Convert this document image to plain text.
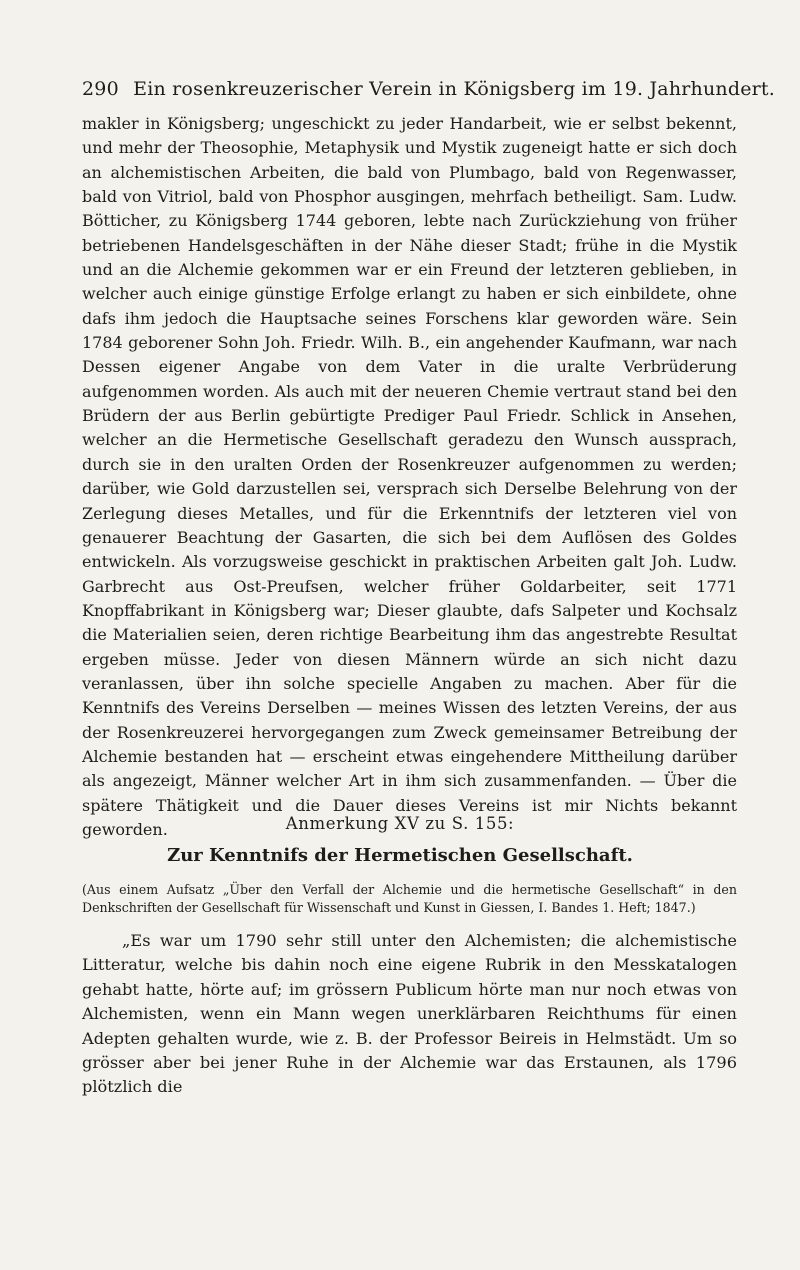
290 Ein rosenkreuzerischer Verein in Königsberg im 19. Jahrhundert.

makler in Königsberg; ungeschickt zu jeder Handarbeit, wie er selbst bekennt, und mehr der Theosophie, Metaphysik und Mystik zugeneigt hatte er sich doch an alchemistischen Arbeiten, die bald von Plumbago, bald von Regenwasser, bald von Vitriol, bald von Phosphor ausgingen, mehrfach betheiligt. Sam. Ludw. Bötticher, zu Königsberg 1744 geboren, lebte nach Zurückziehung von früher betriebenen Handelsgeschäften in der Nähe dieser Stadt; frühe in die Mystik und an die Alchemie gekommen war er ein Freund der letzteren geblieben, in welcher auch einige günstige Erfolge erlangt zu haben er sich einbildete, ohne dafs ihm jedoch die Hauptsache seines Forschens klar geworden wäre. Sein 1784 geborener Sohn Joh. Friedr. Wilh. B., ein angehender Kaufmann, war nach Dessen eigener Angabe von dem Vater in die uralte Verbrüderung aufgenommen worden. Als auch mit der neueren Chemie vertraut stand bei den Brüdern der aus Berlin gebürtigte Prediger Paul Friedr. Schlick in Ansehen, welcher an die Hermetische Gesellschaft geradezu den Wunsch aussprach, durch sie in den uralten Orden der Rosenkreuzer aufgenommen zu werden; darüber, wie Gold darzustellen sei, versprach sich Derselbe Belehrung von der Zerlegung dieses Metalles, und für die Erkenntnifs der letzteren viel von genauerer Beachtung der Gasarten, die sich bei dem Auflösen des Goldes entwickeln. Als vorzugsweise geschickt in praktischen Arbeiten galt Joh. Ludw. Garbrecht aus Ost-Preufsen, welcher früher Goldarbeiter, seit 1771 Knopffabrikant in Königsberg war; Dieser glaubte, dafs Salpeter und Kochsalz die Materialien seien, deren richtige Bearbeitung ihm das angestrebte Resultat ergeben müsse. Jeder von diesen Männern würde an sich nicht dazu veranlassen, über ihn solche specielle Angaben zu machen. Aber für die Kenntnifs des Vereins Derselben — meines Wissen des letzten Vereins, der aus der Rosenkreuzerei hervorgegangen zum Zweck gemeinsamer Betreibung der Alchemie bestanden hat — erscheint etwas eingehendere Mittheilung darüber als angezeigt, Männer welcher Art in ihm sich zusammenfanden. — Über die spätere Thätigkeit und die Dauer dieses Vereins ist mir Nichts bekannt geworden.	Anmerkung XV zu S. 155:

Zur Kenntnifs der Hermetischen Gesellschaft.

(Aus einem Aufsatz „Über den Verfall der Alchemie und die hermetische Gesellschaft“ in den Denkschriften der Gesellschaft für Wissenschaft und Kunst in Giessen, I. Bandes 1. Heft; 1847.)

„Es war um 1790 sehr still unter den Alchemisten; die alchemistische Litteratur, welche bis dahin noch eine eigene Rubrik in den Messkatalogen gehabt hatte, hörte auf; im grössern Publicum hörte man nur noch etwas von Alchemisten, wenn ein Mann wegen unerklärbaren Reichthums für einen Adepten gehalten wurde, wie z. B. der Professor Beireis in Helmstädt. Um so grösser aber bei jener Ruhe in der Alchemie war das Erstaunen, als 1796 plötzlich die
